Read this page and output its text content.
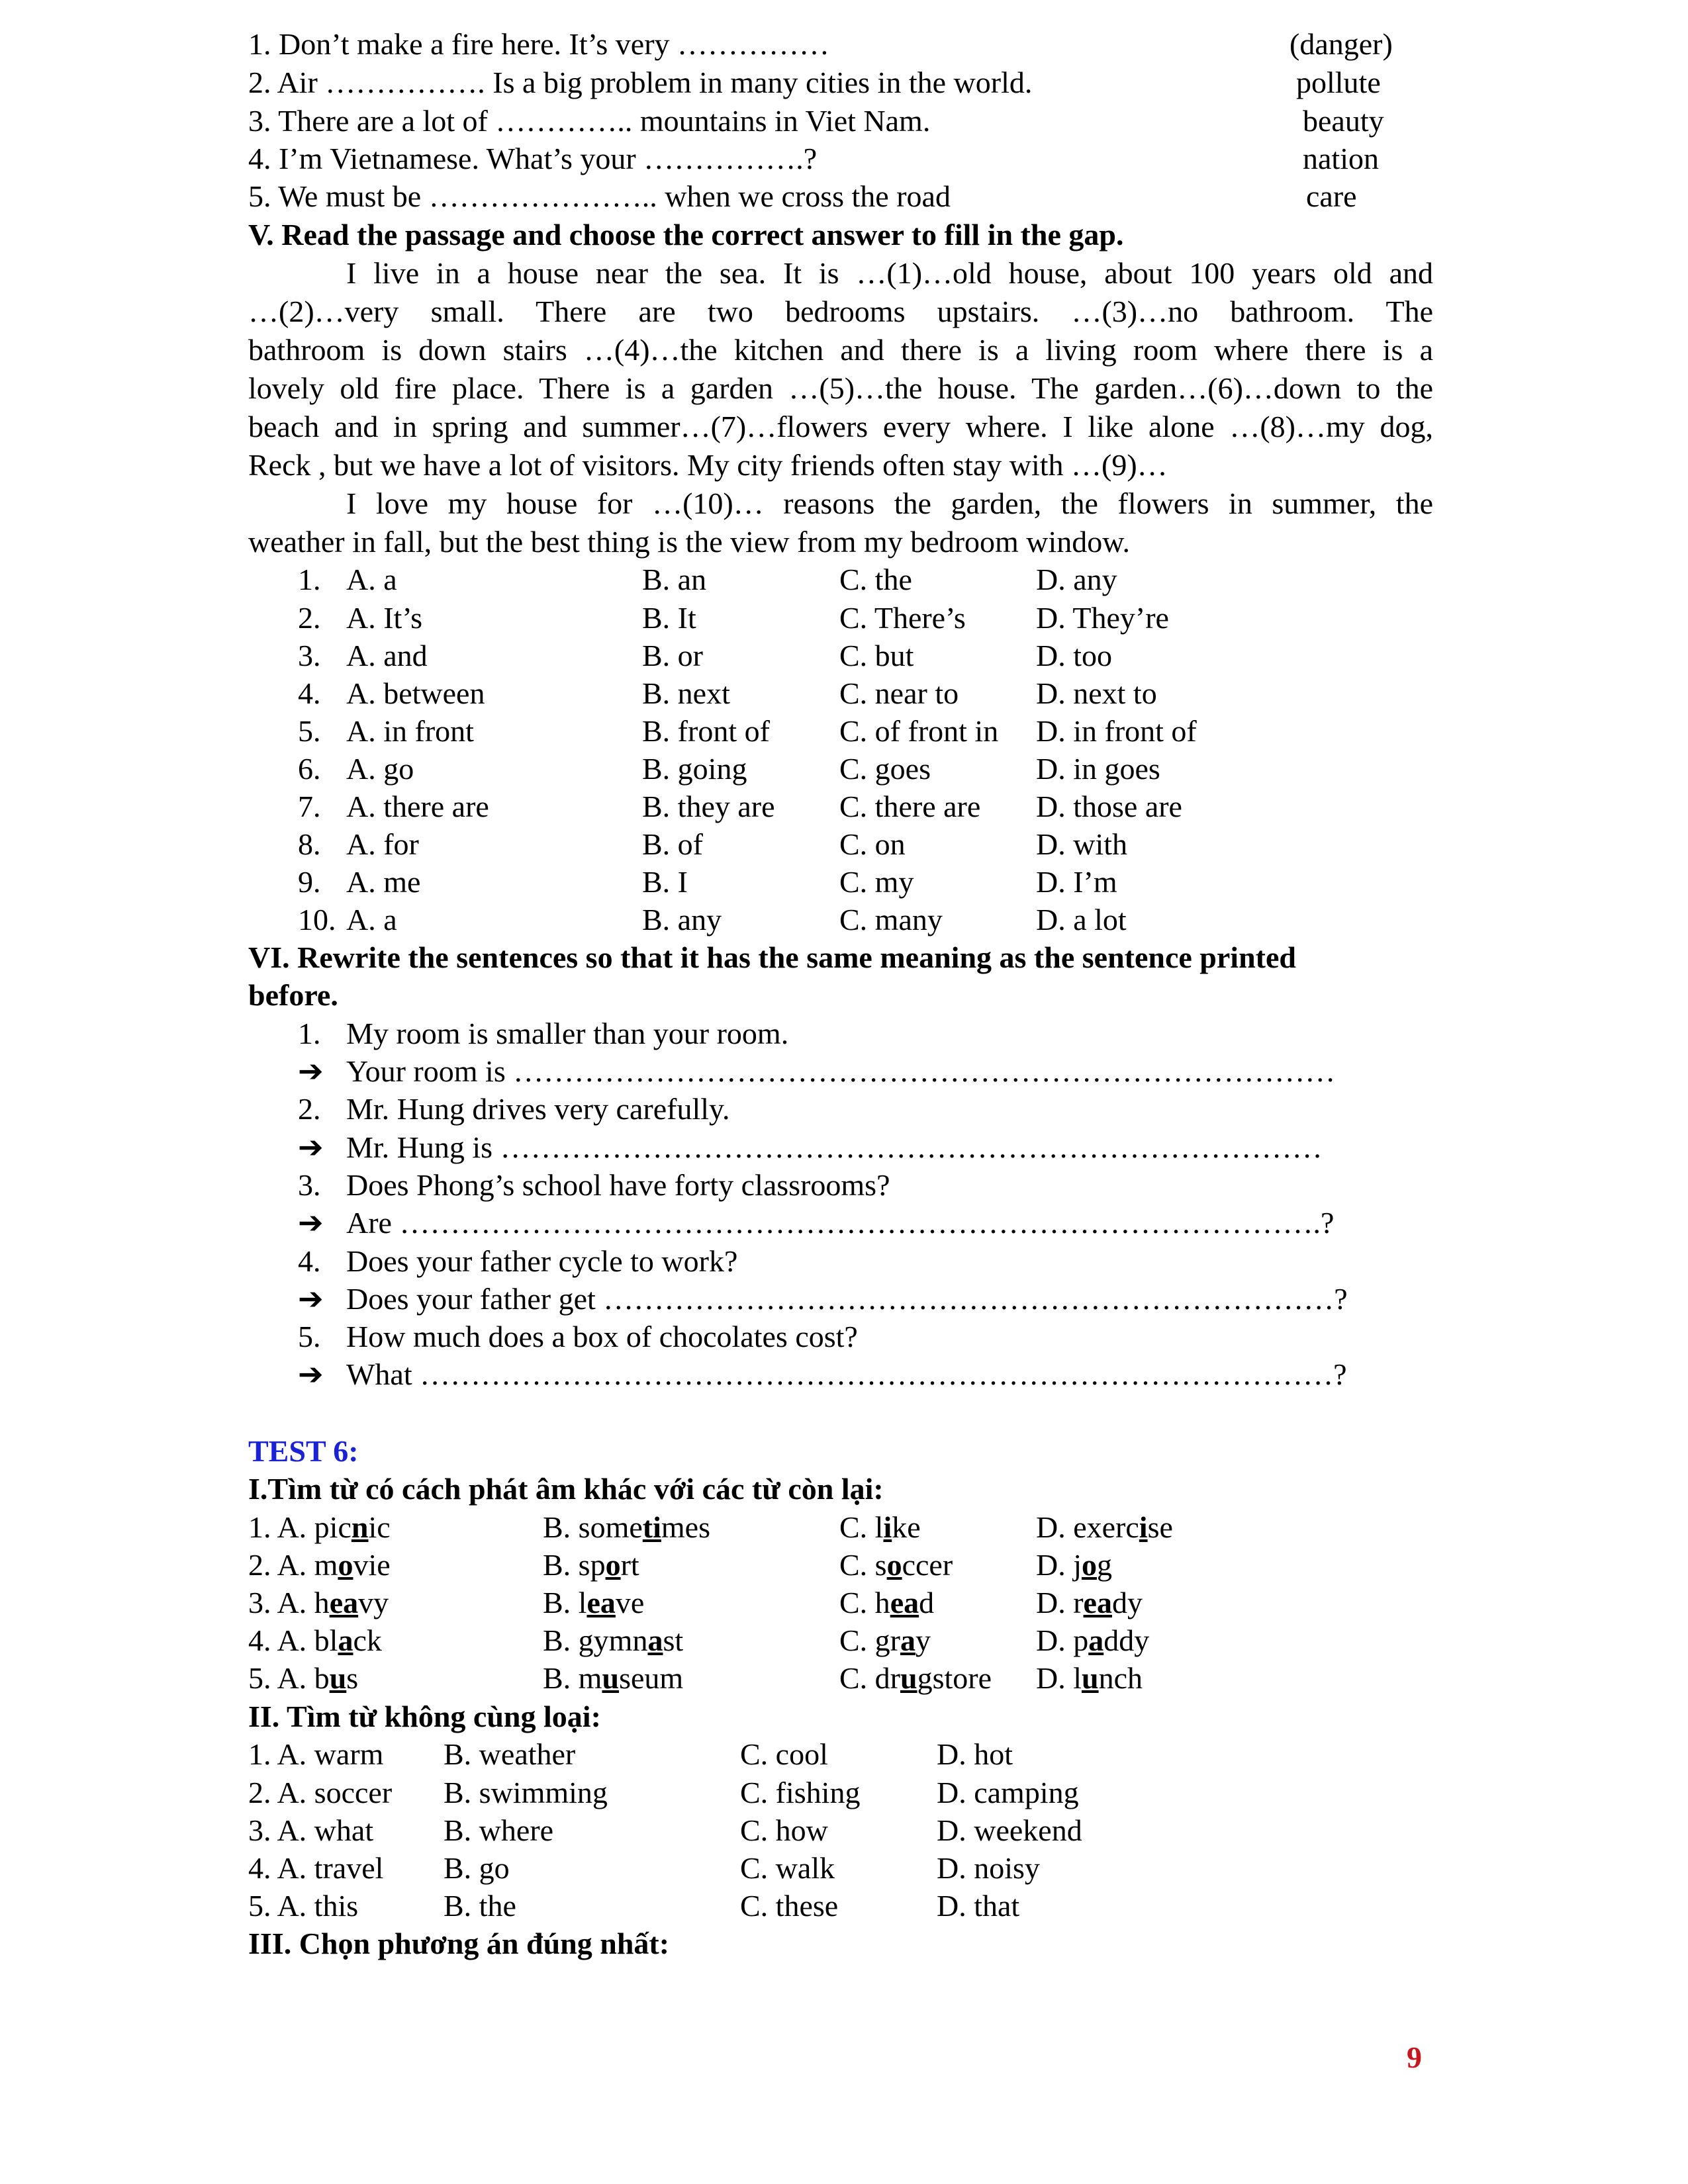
1. Don’t make a fire here. It’s very ……………	(danger)
2. Air ……………. Is a big problem in many cities in the world.	pollute
3. There are a lot of ………….. mountains in Viet Nam.	beauty
4. I’m Vietnamese. What’s your …………….?	nation
5. We must be ………………….. when we cross the road	care
V. Read the passage and choose the correct answer to fill in the gap.
I live in a house near the sea. It is …(1)…old house, about 100 years old and
…(2)…very small. There are two bedrooms upstairs. …(3)…no bathroom. The
bathroom is down stairs …(4)…the kitchen and there is a living room where there is a
lovely old fire place. There is a garden …(5)…the house. The garden…(6)…down to the
beach and in spring and summer…(7)…flowers every where. I like alone …(8)…my dog,
Reck , but we have a lot of visitors. My city friends often stay with …(9)…
I love my house for …(10)… reasons the garden, the flowers in summer, the
weather in fall, but the best thing is the view from my bedroom window.
1. A. a	B. an	C. the	D. any
2. A. It’s	B. It	C. There’s D. They’re
3. A. and	B. or	C. but	D. too
4. A. between	B. next	C. near to	D. next to
5. A. in front	B. front of C. of front in D. in front of
6. A. go	B. going	C. goes	D. in goes
7. A. there are	B. they are C. there are D. those are
8. A. for	B. of	C. on	D. with
9. A. me	B. I	C. my	D. I’m
10. A. a	B. any	C. many	D. a lot
VI. Rewrite the sentences so that it has the same meaning as the sentence printed
before.
1. My room is smaller than your room.
➔ Your room is ………………………………………………………………………
2. Mr. Hung drives very carefully.
➔ Mr. Hung is ………………………………………………………………………
3. Does Phong’s school have forty classrooms?
➔ Are ……………………………………………………………………………….?
4. Does your father cycle to work?
➔ Does your father get ………………………………………………………………?
5. How much does a box of chocolates cost?
➔ What ………………………………………………………………………………?
TEST 6:
I.Tìm từ có cách phát âm khác với các từ còn lại:
1. A. picnic	B. sometimes	C. like	D. exercise
2. A. movie	B. sport	C. soccer	D. jog
3. A. heavy	B. leave	C. head	D. ready
4. A. black	B. gymnast	C. gray	D. paddy
5. A. bus	B. museum	C. drugstore D. lunch
II. Tìm từ không cùng loại:
1. A. warm B. weather	C. cool	D. hot
2. A. soccer B. swimming	C. fishing	D. camping
3. A. what B. where	C. how	D. weekend
4. A. travel B. go	C. walk	D. noisy
5. A. this	B. the	C. these	D. that
III. Chọn phương án đúng nhất:
9
